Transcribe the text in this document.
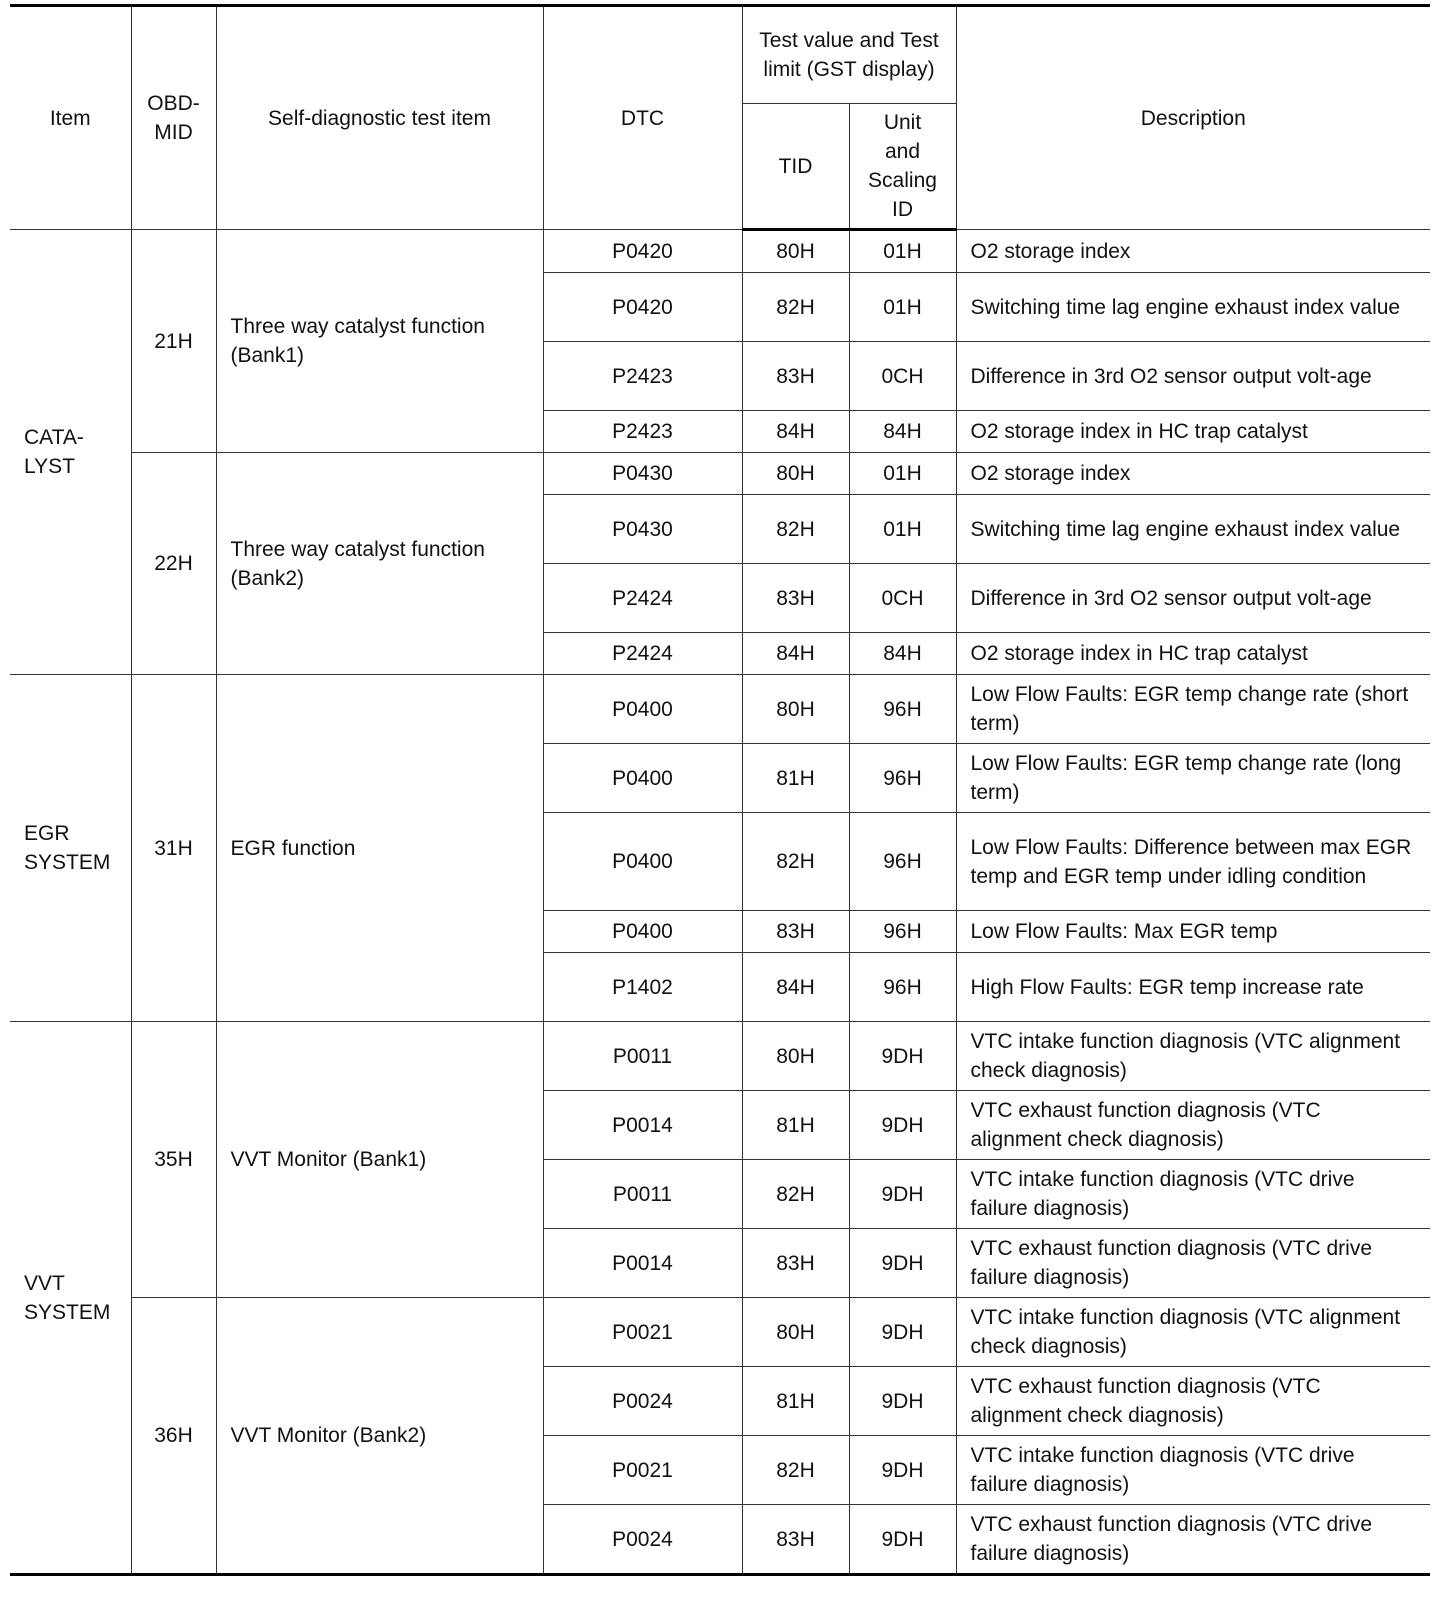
Item	OBD-MID	Self-diagnostic test item	DTC	Test value and Test limit (GST display)		Description
				TID	Unit and Scaling ID	
CATA-LYST	21H	Three way catalyst function (Bank1)	P0420	80H	01H	O2 storage index
			P0420	82H	01H	Switching time lag engine exhaust index value
			P2423	83H	0CH	Difference in 3rd O2 sensor output volt-age
			P2423	84H	84H	O2 storage index in HC trap catalyst
	22H	Three way catalyst function (Bank2)	P0430	80H	01H	O2 storage index
			P0430	82H	01H	Switching time lag engine exhaust index value
			P2424	83H	0CH	Difference in 3rd O2 sensor output volt-age
			P2424	84H	84H	O2 storage index in HC trap catalyst
EGR SYSTEM	31H	EGR function	P0400	80H	96H	Low Flow Faults: EGR temp change rate (short term)
			P0400	81H	96H	Low Flow Faults: EGR temp change rate (long term)
			P0400	82H	96H	Low Flow Faults: Difference between max EGR temp and EGR temp under idling condition
			P0400	83H	96H	Low Flow Faults: Max EGR temp
			P1402	84H	96H	High Flow Faults: EGR temp increase rate
VVT SYSTEM	35H	VVT Monitor (Bank1)	P0011	80H	9DH	VTC intake function diagnosis (VTC alignment check diagnosis)
			P0014	81H	9DH	VTC exhaust function diagnosis (VTC alignment check diagnosis)
			P0011	82H	9DH	VTC intake function diagnosis (VTC drive failure diagnosis)
			P0014	83H	9DH	VTC exhaust function diagnosis (VTC drive failure diagnosis)
	36H	VVT Monitor (Bank2)	P0021	80H	9DH	VTC intake function diagnosis (VTC alignment check diagnosis)
			P0024	81H	9DH	VTC exhaust function diagnosis (VTC alignment check diagnosis)
			P0021	82H	9DH	VTC intake function diagnosis (VTC drive failure diagnosis)
			P0024	83H	9DH	VTC exhaust function diagnosis (VTC drive failure diagnosis)
